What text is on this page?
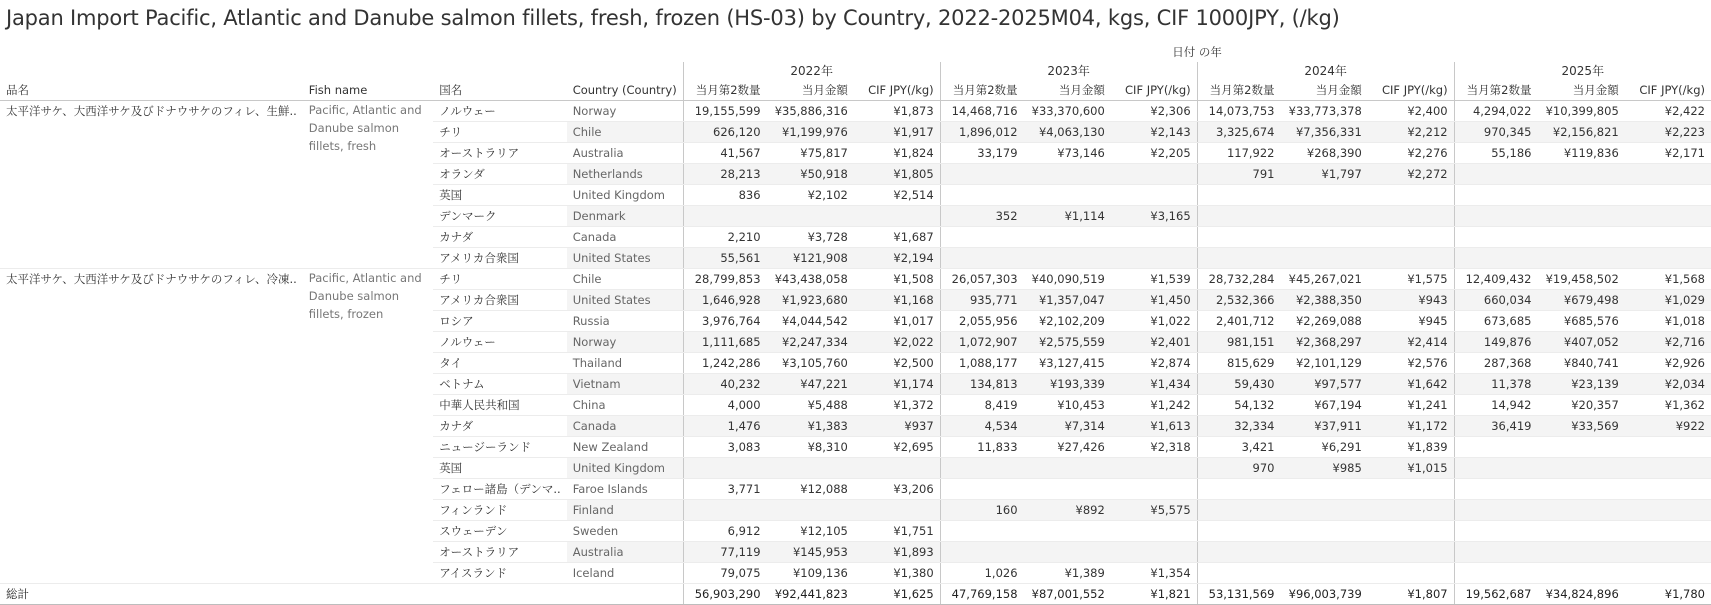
Japan Import Pacific, Atlantic and Danube salmon fillets, fresh, frozen (HS-03) by Country, 2022-2025M04, kgs, CIF 1000JPY, (/kg)
				日付 の年											
				2022年			2023年			2024年			2025年		
品名	Fish name	国名	Country (Country)	当月第2数量	当月金額	CIF JPY(/kg)	当月第2数量	当月金額	CIF JPY(/kg)	当月第2数量	当月金額	CIF JPY(/kg)	当月第2数量	当月金額	CIF JPY(/kg)
太平洋サケ、大西洋サケ及びドナウサケのフィレ、生鮮..	Pacific, Atlantic and Danube salmon fillets, fresh	ノルウェー	Norway	19,155,599	¥35,886,316	¥1,873	14,468,716	¥33,370,600	¥2,306	14,073,753	¥33,773,378	¥2,400	4,294,022	¥10,399,805	¥2,422
		チリ	Chile	626,120	¥1,199,976	¥1,917	1,896,012	¥4,063,130	¥2,143	3,325,674	¥7,356,331	¥2,212	970,345	¥2,156,821	¥2,223
		オーストラリア	Australia	41,567	¥75,817	¥1,824	33,179	¥73,146	¥2,205	117,922	¥268,390	¥2,276	55,186	¥119,836	¥2,171
		オランダ	Netherlands	28,213	¥50,918	¥1,805				791	¥1,797	¥2,272			
		英国	United Kingdom	836	¥2,102	¥2,514									
		デンマーク	Denmark				352	¥1,114	¥3,165						
		カナダ	Canada	2,210	¥3,728	¥1,687									
		アメリカ合衆国	United States	55,561	¥121,908	¥2,194									
太平洋サケ、大西洋サケ及びドナウサケのフィレ、冷凍..	Pacific, Atlantic and Danube salmon fillets, frozen	チリ	Chile	28,799,853	¥43,438,058	¥1,508	26,057,303	¥40,090,519	¥1,539	28,732,284	¥45,267,021	¥1,575	12,409,432	¥19,458,502	¥1,568
		アメリカ合衆国	United States	1,646,928	¥1,923,680	¥1,168	935,771	¥1,357,047	¥1,450	2,532,366	¥2,388,350	¥943	660,034	¥679,498	¥1,029
		ロシア	Russia	3,976,764	¥4,044,542	¥1,017	2,055,956	¥2,102,209	¥1,022	2,401,712	¥2,269,088	¥945	673,685	¥685,576	¥1,018
		ノルウェー	Norway	1,111,685	¥2,247,334	¥2,022	1,072,907	¥2,575,559	¥2,401	981,151	¥2,368,297	¥2,414	149,876	¥407,052	¥2,716
		タイ	Thailand	1,242,286	¥3,105,760	¥2,500	1,088,177	¥3,127,415	¥2,874	815,629	¥2,101,129	¥2,576	287,368	¥840,741	¥2,926
		ベトナム	Vietnam	40,232	¥47,221	¥1,174	134,813	¥193,339	¥1,434	59,430	¥97,577	¥1,642	11,378	¥23,139	¥2,034
		中華人民共和国	China	4,000	¥5,488	¥1,372	8,419	¥10,453	¥1,242	54,132	¥67,194	¥1,241	14,942	¥20,357	¥1,362
		カナダ	Canada	1,476	¥1,383	¥937	4,534	¥7,314	¥1,613	32,334	¥37,911	¥1,172	36,419	¥33,569	¥922
		ニュージーランド	New Zealand	3,083	¥8,310	¥2,695	11,833	¥27,426	¥2,318	3,421	¥6,291	¥1,839			
		英国	United Kingdom							970	¥985	¥1,015			
		フェロー諸島（デンマ..	Faroe Islands	3,771	¥12,088	¥3,206									
		フィンランド	Finland				160	¥892	¥5,575						
		スウェーデン	Sweden	6,912	¥12,105	¥1,751									
		オーストラリア	Australia	77,119	¥145,953	¥1,893									
		アイスランド	Iceland	79,075	¥109,136	¥1,380	1,026	¥1,389	¥1,354						
総計				56,903,290	¥92,441,823	¥1,625	47,769,158	¥87,001,552	¥1,821	53,131,569	¥96,003,739	¥1,807	19,562,687	¥34,824,896	¥1,780
